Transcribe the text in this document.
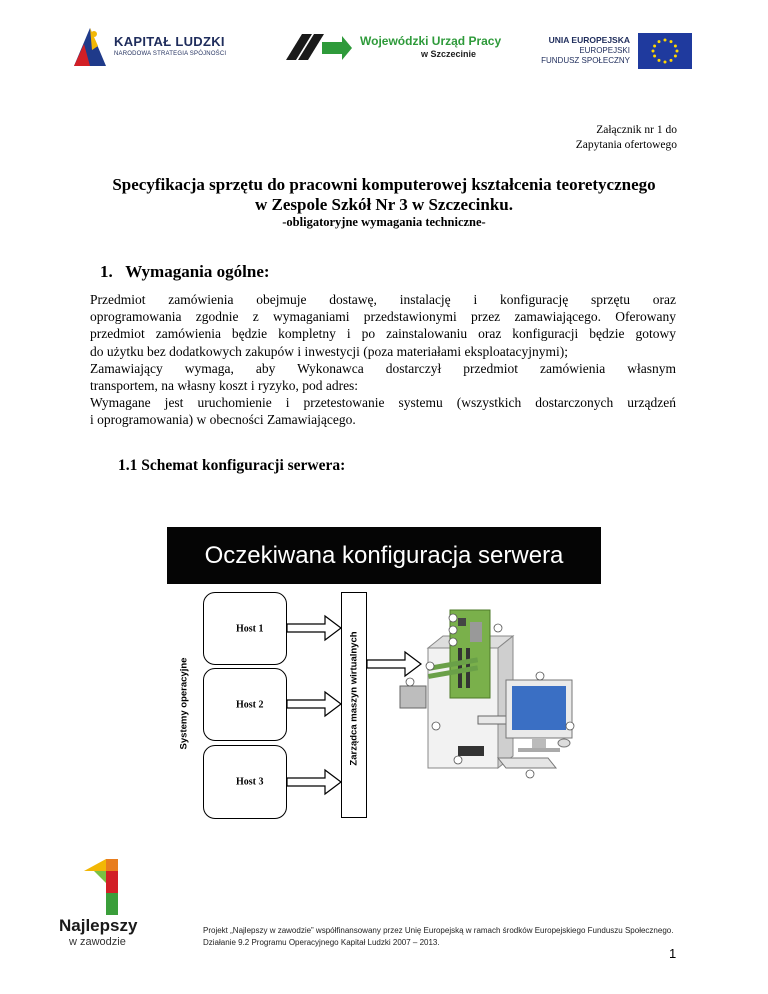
KAPITAŁ LUDZKI
NARODOWA STRATEGIA SPÓJNOŚCI
Wojewódzki Urząd Pracy
w Szczecinie
UNIA EUROPEJSKA
EUROPEJSKI
FUNDUSZ SPOŁECZNY
Załącznik nr 1 do
Zapytania ofertowego
Specyfikacja sprzętu do pracowni komputerowej kształcenia teoretycznego
w Zespole Szkół Nr 3 w Szczecinku.
-obligatoryjne wymagania techniczne-
1.   Wymagania ogólne:
Przedmiot zamówienia obejmuje dostawę, instalację i konfigurację sprzętu oraz
oprogramowania zgodnie z wymaganiami przedstawionymi przez zamawiającego. Oferowany
przedmiot zamówienia będzie kompletny i po zainstalowaniu oraz konfiguracji będzie gotowy
do użytku bez dodatkowych zakupów i inwestycji (poza materiałami eksploatacyjnymi);
Zamawiający wymaga, aby Wykonawca dostarczył przedmiot zamówienia własnym
transportem, na własny koszt i ryzyko, pod adres:
Wymagane jest uruchomienie i przetestowanie systemu (wszystkich dostarczonych urządzeń
i oprogramowania) w obecności Zamawiającego.
1.1 Schemat konfiguracji serwera:
Oczekiwana konfiguracja serwera
Systemy operacyjne
Host 1
Host 2
Host 3
Zarządca maszyn wirtualnych
Najlepszy
w zawodzie
Projekt „Najlepszy w zawodzie” współfinansowany przez Unię Europejską w ramach środków Europejskiego Funduszu Społecznego.
Działanie 9.2 Programu Operacyjnego Kapitał Ludzki 2007 – 2013.
1
